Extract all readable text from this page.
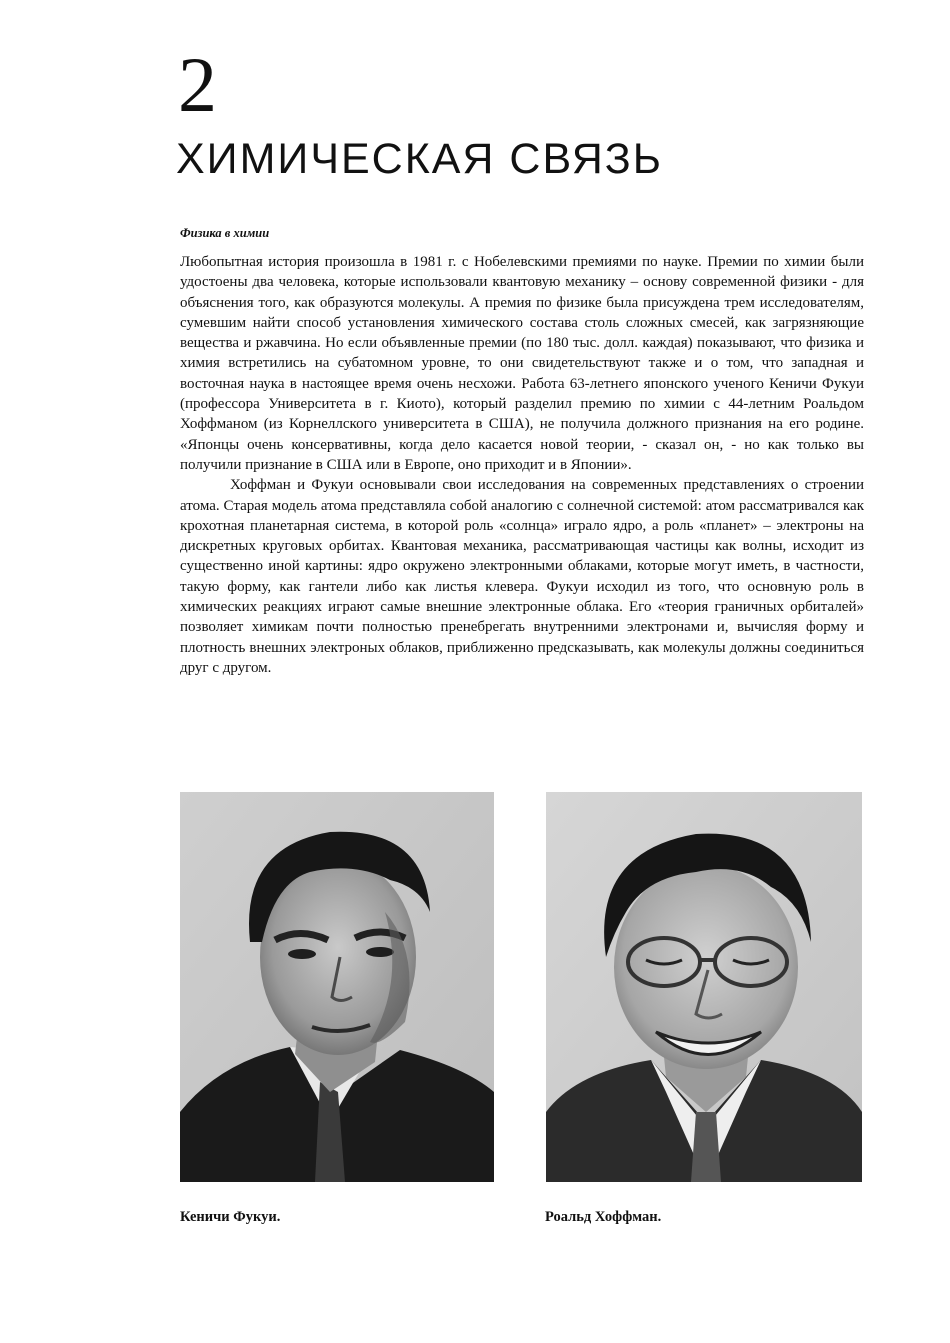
2
ХИМИЧЕСКАЯ СВЯЗЬ
Физика в химии

Любопытная история произошла в 1981 г. с Нобелевскими премиями по науке. Премии по химии были удостоены два человека, которые использовали квантовую механику – основу современной физики - для объяснения того, как образуются молекулы. А премия по физике была присуждена трем исследователям, сумевшим найти способ установления химического состава столь сложных смесей, как загрязняющие вещества и ржавчина. Но если объявленные премии (по 180 тыс. долл. каждая) показывают, что физика и химия встретились на субатомном уровне, то они свидетельствуют также и о том, что западная и восточная наука в настоящее время очень несхожи. Работа 63-летнего японского ученого Кеничи Фукуи (профессора Университета в г. Киото), который разделил премию по химии с 44-летним Роальдом Хоффманом (из Корнеллского университета в США), не получила должного признания на его родине. «Японцы очень консервативны, когда дело касается новой теории, - сказал он, - но как только вы получили признание в США или в Европе, оно приходит и в Японии».

Хоффман и Фукуи основывали свои исследования на современных представлениях о строении атома. Старая модель атома представляла собой аналогию с солнечной системой: атом рассматривался как крохотная планетарная система, в которой роль «солнца» играло ядро, а роль «планет» – электроны на дискретных круговых орбитах. Квантовая механика, рассматривающая частицы как волны, исходит из существенно иной картины: ядро окружено электронными облаками, которые могут иметь, в частности, такую форму, как гантели либо как листья клевера. Фукуи исходил из того, что основную роль в химических реакциях играют самые внешние электронные облака. Его «теория граничных орбиталей» позволяет химикам почти полностью пренебрегать внутренними электронами и, вычисляя форму и плотность внешних электроных облаков, приближенно предсказывать, как молекулы должны соединиться друг с другом.

Кеничи Фукуи.	Роальд Хоффман.
